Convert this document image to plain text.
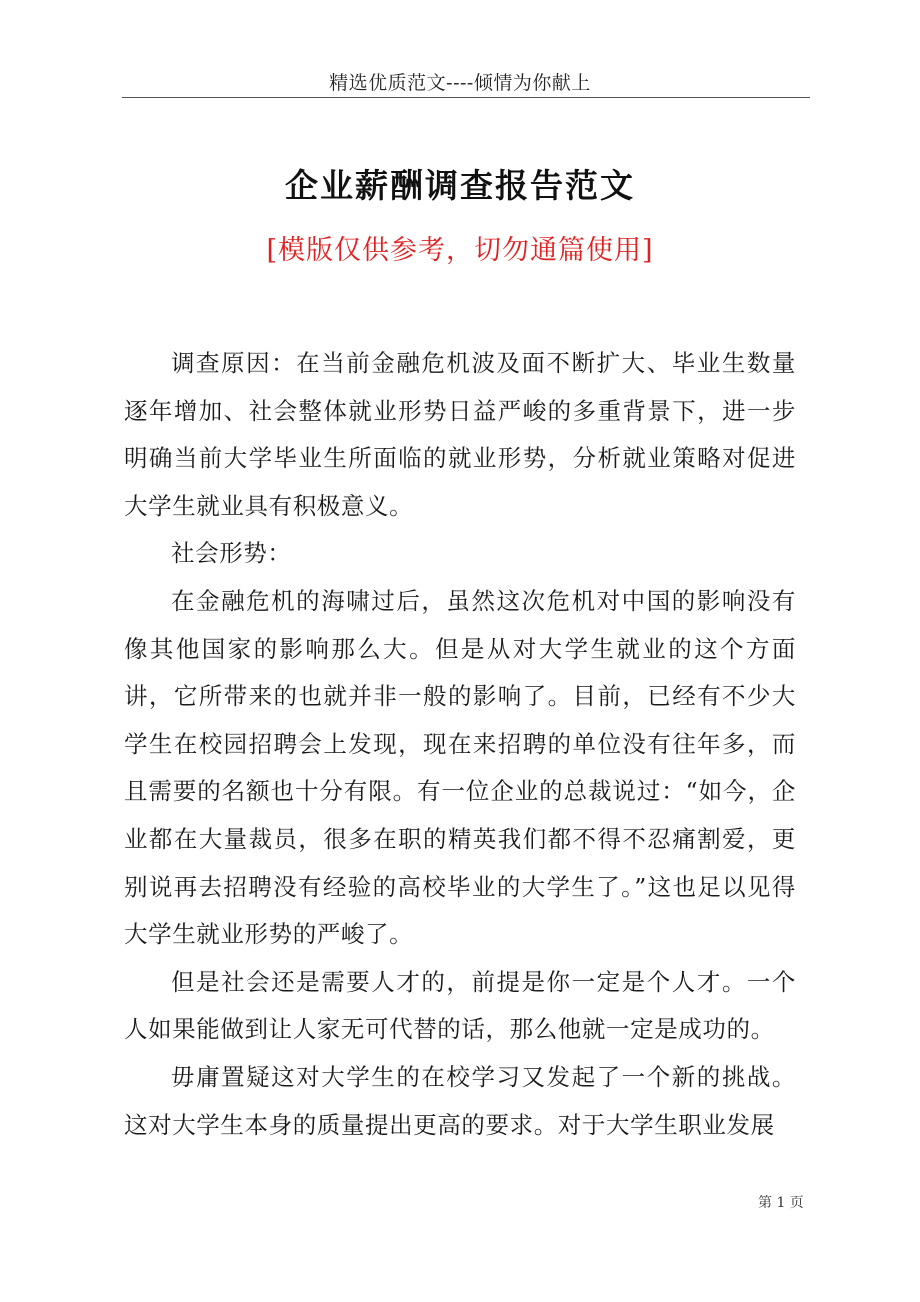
精选优质范文----倾情为你献上
企业薪酬调查报告范文
[模版仅供参考，切勿通篇使用]

调查原因：在当前金融危机波及面不断扩大、毕业生数量逐年增加、社会整体就业形势日益严峻的多重背景下，进一步明确当前大学毕业生所面临的就业形势，分析就业策略对促进大学生就业具有积极意义。

社会形势：

在金融危机的海啸过后，虽然这次危机对中国的影响没有像其他国家的影响那么大。但是从对大学生就业的这个方面讲，它所带来的也就并非一般的影响了。目前，已经有不少大学生在校园招聘会上发现，现在来招聘的单位没有往年多，而且需要的名额也十分有限。有一位企业的总裁说过：“如今，企业都在大量裁员，很多在职的精英我们都不得不忍痛割爱，更别说再去招聘没有经验的高校毕业的大学生了。”这也足以见得大学生就业形势的严峻了。

但是社会还是需要人才的，前提是你一定是个人才。一个人如果能做到让人家无可代替的话，那么他就一定是成功的。

毋庸置疑这对大学生的在校学习又发起了一个新的挑战。这对大学生本身的质量提出更高的要求。对于大学生职业发展

第 1 页
